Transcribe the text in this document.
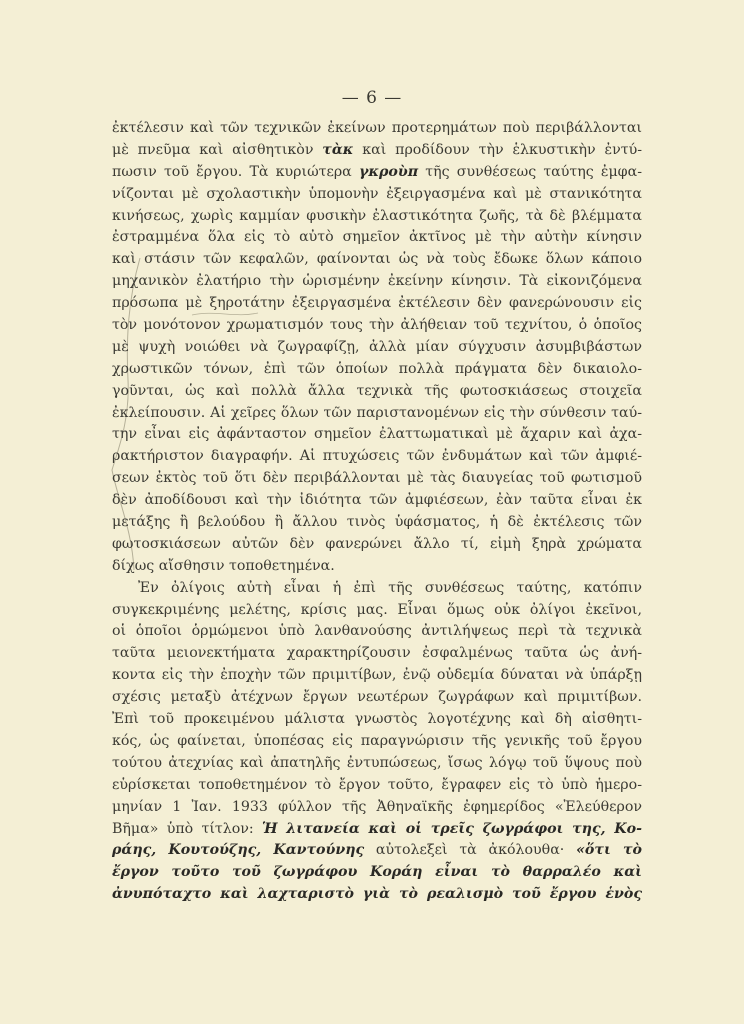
— 6 —
ἐκτέλεσιν καὶ τῶν τεχνικῶν ἐκείνων προτερημάτων ποὺ περιβάλλονται
μὲ πνεῦμα καὶ αἰσθητικὸν τὰκ καὶ προδίδουν τὴν ἑλκυστικὴν ἐντύ-
πωσιν τοῦ ἔργου. Τὰ κυριώτερα γκροὺπ τῆς συνθέσεως ταύτης ἐμφα-
νίζονται μὲ σχολαστικὴν ὑπομονὴν ἐξειργασμένα καὶ μὲ στανικότητα
κινήσεως, χωρὶς καμμίαν φυσικὴν ἐλαστικότητα ζωῆς, τὰ δὲ βλέμματα
ἐστραμμένα ὅλα εἰς τὸ αὐτὸ σημεῖον ἀκτῖνος μὲ τὴν αὐτὴν κίνησιν
καὶ στάσιν τῶν κεφαλῶν, φαίνονται ὡς νὰ τοὺς ἔδωκε ὅλων κάποιο
μηχανικὸν ἐλατήριο τὴν ὡρισμένην ἐκείνην κίνησιν. Τὰ εἰκονιζόμενα
πρόσωπα μὲ ξηροτάτην ἐξειργασμένα ἐκτέλεσιν δὲν φανερώνουσιν εἰς
τὸν μονότονον χρωματισμόν τους τὴν ἀλήθειαν τοῦ τεχνίτου, ὁ ὁποῖος
μὲ ψυχὴ νοιώθει νὰ ζωγραφίζῃ, ἀλλὰ μίαν σύγχυσιν ἀσυμβιβάστων
χρωστικῶν τόνων, ἐπὶ τῶν ὁποίων πολλὰ πράγματα δὲν δικαιολο-
γοῦνται, ὡς καὶ πολλὰ ἄλλα τεχνικὰ τῆς φωτοσκιάσεως στοιχεῖα
ἐκλείπουσιν. Αἱ χεῖρες ὅλων τῶν παριστανομένων εἰς τὴν σύνθεσιν ταύ-
την εἶναι εἰς ἀφάνταστον σημεῖον ἐλαττωματικαὶ μὲ ἄχαριν καὶ ἀχα-
ρακτήριστον διαγραφήν. Αἱ πτυχώσεις τῶν ἐνδυμάτων καὶ τῶν ἀμφιέ-
σεων ἐκτὸς τοῦ ὅτι δὲν περιβάλλονται μὲ τὰς διαυγείας τοῦ φωτισμοῦ
δὲν ἀποδίδουσι καὶ τὴν ἰδιότητα τῶν ἀμφιέσεων, ἐὰν ταῦτα εἶναι ἐκ
μετάξης ἢ βελούδου ἢ ἄλλου τινὸς ὑφάσματος, ἡ δὲ ἐκτέλεσις τῶν
φωτοσκιάσεων αὐτῶν δὲν φανερώνει ἄλλο τί, εἰμὴ ξηρὰ χρώματα
δίχως αἴσθησιν τοποθετημένα.
Ἐν ὀλίγοις αὐτὴ εἶναι ἡ ἐπὶ τῆς συνθέσεως ταύτης, κατόπιν
συγκεκριμένης μελέτης, κρίσις μας. Εἶναι ὅμως οὐκ ὀλίγοι ἐκεῖνοι,
οἱ ὁποῖοι ὁρμώμενοι ὑπὸ λανθανούσης ἀντιλήψεως περὶ τὰ τεχνικὰ
ταῦτα μειονεκτήματα χαρακτηρίζουσιν ἐσφαλμένως ταῦτα ὡς ἀνή-
κοντα εἰς τὴν ἐποχὴν τῶν πριμιτίβων, ἐνῷ οὐδεμία δύναται νὰ ὑπάρξῃ
σχέσις μεταξὺ ἀτέχνων ἔργων νεωτέρων ζωγράφων καὶ πριμιτίβων.
Ἐπὶ τοῦ προκειμένου μάλιστα γνωστὸς λογοτέχνης καὶ δὴ αἰσθητι-
κός, ὡς φαίνεται, ὑποπέσας εἰς παραγνώρισιν τῆς γενικῆς τοῦ ἔργου
τούτου ἀτεχνίας καὶ ἀπατηλῆς ἐντυπώσεως, ἴσως λόγῳ τοῦ ὕψους ποὺ
εὑρίσκεται τοποθετημένον τὸ ἔργον τοῦτο, ἔγραφεν εἰς τὸ ὑπὸ ἡμερο-
μηνίαν 1 Ἰαν. 1933 φύλλον τῆς Ἀθηναϊκῆς ἐφημερίδος «Ἐλεύθερον
Βῆμα» ὑπὸ τίτλον: Ἡ λιτανεία καὶ οἱ τρεῖς ζωγράφοι της, Κο-
ράης, Κουτούζης, Καντούνης αὐτολεξεὶ τὰ ἀκόλουθα· «ὅτι τὸ
ἔργον τοῦτο τοῦ ζωγράφου Κοράη εἶναι τὸ θαρραλέο καὶ
ἀνυπόταχτο καὶ λαχταριστὸ γιὰ τὸ ρεαλισμὸ τοῦ ἔργου ἑνὸς
